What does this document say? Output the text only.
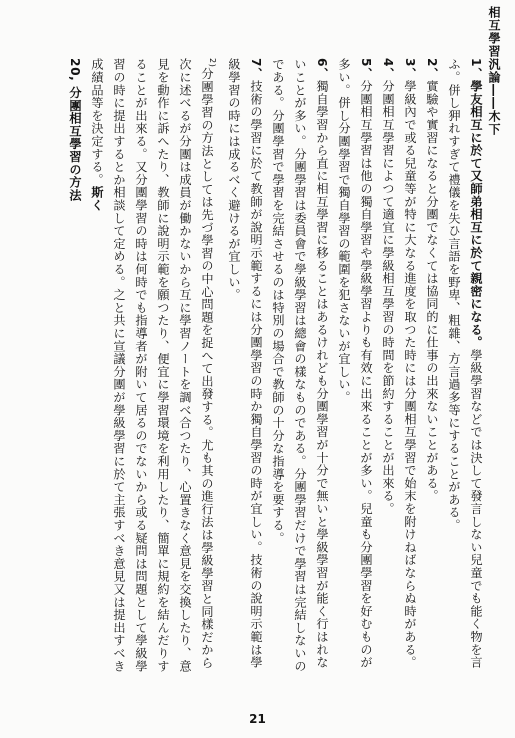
相互學習汎論――木下

1、學友相互に於て又師弟相互に於て親密になる。學級學習などでは決して發言しない兒童でも能く物を言ふ。併し狎れすぎて禮儀を失ひ言語を野卑、粗雜、方言過多等にすることがある。

2、實驗や實習になると分團でなくては協同的に仕事の出來ないことがある。

3、學級內で或る兒童等が特に大なる進度を取つた時には分團相互學習で始末を附けねばならぬ時がある。

4、分團相互學習によつて適宜に學級相互學習の時間を節約することが出來る。

5、分團相互學習は他の獨自學習や學級學習よりも有效に出來ることが多い。兒童も分團學習を好むものが多い。併し分團學習で獨自學習の範圍を犯さないが宜しい。

6、獨自學習から直に相互學習に移ることはあるけれども分團學習が十分で無いと學級學習が能く行はれないことが多い。分團學習は委員會で學級學習は總會の樣なものである。分團學習だけで學習は完結しないのである。分團學習で學習を完結させるのは特別の場合で教師の十分な指導を要する。

7、技術の學習に於て教師が說明示範するには分團學習の時か獨自學習の時が宜しい。技術の說明示範は學級學習の時には成るべく避けるが宜しい。

$^{2)}$分團學習の方法としては先づ學習の中心問題を捉へて出發する。尤も其の進行法は學級學習と同樣だから次に述べるが分團は成員が働かないから互に學習ノートを調べ合つたり、心置きなく意見を交換したり、意見を動作に訴へたり、教師に說明示範を願つたり、便宜に學習環境を利用したり、簡單に規約を結んだりすることが出來る。又分團學習の時は何時でも指導者が附いて居るのでないから或る疑問は問題として學級學習の時に提出するとか相談して定める。之と共に宣議分團が學級學習に於て主張すべき意見又は提出すべき成績品等を決定する。斯く

20, 分團相互學習の方法

21
